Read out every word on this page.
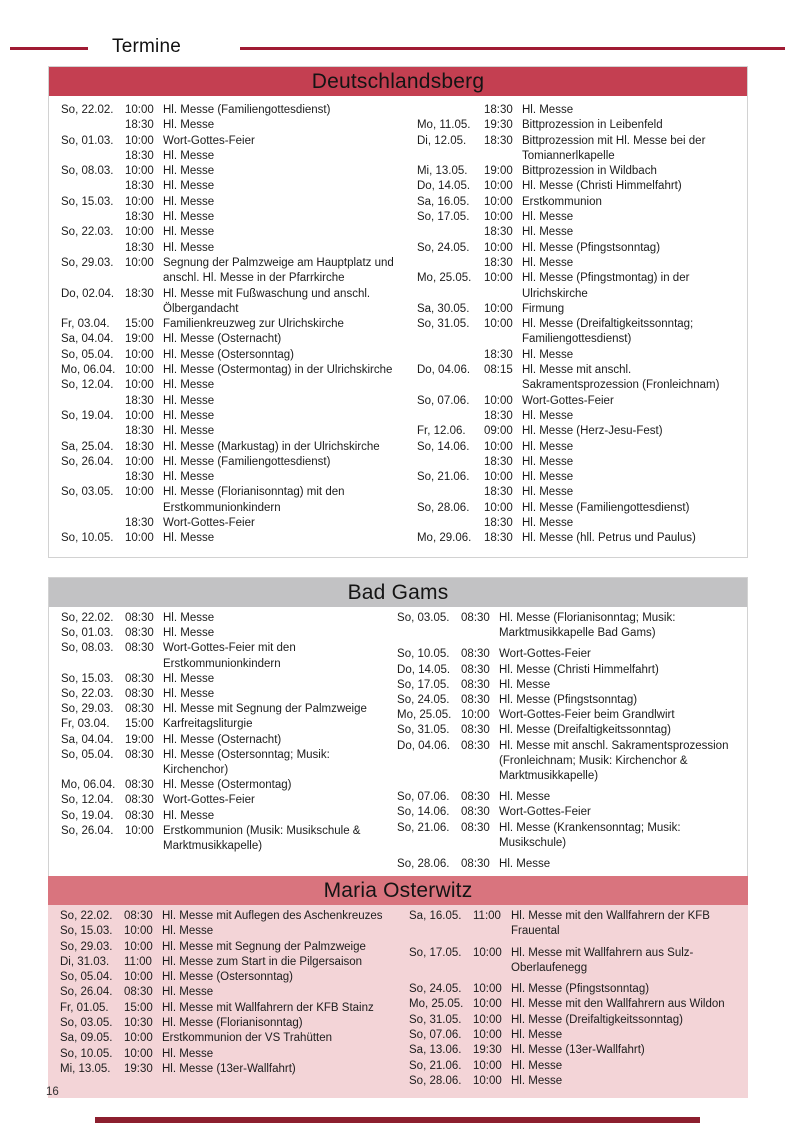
Termine
Deutschlandsberg
So, 22.02.	10:00 Hl. Messe (Familiengottesdienst)
18:30 Hl. Messe
So, 01.03.	10:00 Wort-Gottes-Feier
18:30 Hl. Messe
So, 08.03.	10:00 Hl. Messe
18:30 Hl. Messe
So, 15.03.	10:00 Hl. Messe
18:30 Hl. Messe
So, 22.03.	10:00 Hl. Messe
18:30 Hl. Messe
So, 29.03.	10:00 Segnung der Palmzweige am Hauptplatz und anschl. Hl. Messe in der Pfarrkirche
Do, 02.04. 18:30 Hl. Messe mit Fußwaschung und anschl. Ölbergandacht
Fr, 03.04.	15:00 Familienkreuzweg zur Ulrichskirche
Sa, 04.04.	19:00 Hl. Messe (Osternacht)
So, 05.04.	10:00 Hl. Messe (Ostersonntag)
Mo, 06.04. 10:00 Hl. Messe (Ostermontag) in der Ulrichskirche
So, 12.04.	10:00 Hl. Messe
18:30 Hl. Messe
So, 19.04.	10:00 Hl. Messe
18:30 Hl. Messe
Sa, 25.04.	18:30 Hl. Messe (Markustag) in der Ulrichskirche
So, 26.04.	10:00 Hl. Messe (Familiengottesdienst)
18:30 Hl. Messe
So, 03.05.	10:00 Hl. Messe (Florianisonntag) mit den Erstkommunionkindern
18:30 Wort-Gottes-Feier
So, 10.05.	10:00 Hl. Messe
18:30 Hl. Messe
Mo, 11.05.	19:30 Bittprozession in Leibenfeld
Di, 12.05.	18:30 Bittprozession mit Hl. Messe bei der Tomiannerlkapelle
Mi, 13.05.	19:00 Bittprozession in Wildbach
Do, 14.05.	10:00 Hl. Messe (Christi Himmelfahrt)
Sa, 16.05.	10:00 Erstkommunion
So, 17.05.	10:00 Hl. Messe
18:30 Hl. Messe
So, 24.05.	10:00 Hl. Messe (Pfingstsonntag)
18:30 Hl. Messe
Mo, 25.05.	10:00 Hl. Messe (Pfingstmontag) in der Ulrichskirche
Sa, 30.05.	10:00 Firmung
So, 31.05.	10:00 Hl. Messe (Dreifaltigkeitssonntag; Familiengottesdienst)
18:30 Hl. Messe
Do, 04.06.	08:15 Hl. Messe mit anschl. Sakramentsprozession (Fronleichnam)
So, 07.06.	10:00 Wort-Gottes-Feier
18:30 Hl. Messe
Fr, 12.06.	09:00 Hl. Messe (Herz-Jesu-Fest)
So, 14.06.	10:00 Hl. Messe
18:30 Hl. Messe
So, 21.06.	10:00 Hl. Messe
18:30 Hl. Messe
So, 28.06.	10:00 Hl. Messe (Familiengottesdienst)
18:30 Hl. Messe
Mo, 29.06.	18:30 Hl. Messe (hll. Petrus und Paulus)
Bad Gams
So, 22.02.	08:30 Hl. Messe
So, 01.03.	08:30 Hl. Messe
So, 08.03.	08:30 Wort-Gottes-Feier mit den Erstkommunionkindern
So, 15.03.	08:30 Hl. Messe
So, 22.03.	08:30 Hl. Messe
So, 29.03.	08:30 Hl. Messe mit Segnung der Palmzweige
Fr, 03.04.	15:00 Karfreitagsliturgie
Sa, 04.04.	19:00 Hl. Messe (Osternacht)
So, 05.04.	08:30 Hl. Messe (Ostersonntag; Musik: Kirchenchor)
Mo, 06.04. 08:30 Hl. Messe (Ostermontag)
So, 12.04.	08:30 Wort-Gottes-Feier
So, 19.04.	08:30 Hl. Messe
So, 26.04.	10:00 Erstkommunion (Musik: Musikschule & Marktmusikkapelle)
So, 03.05.	08:30 Hl. Messe (Florianisonntag; Musik: Marktmusikkapelle Bad Gams)
So, 10.05.	08:30 Wort-Gottes-Feier
Do, 14.05. 08:30 Hl. Messe (Christi Himmelfahrt)
So, 17.05.	08:30 Hl. Messe
So, 24.05.	08:30 Hl. Messe (Pfingstsonntag)
Mo, 25.05. 10:00 Wort-Gottes-Feier beim Grandlwirt
So, 31.05.	08:30 Hl. Messe (Dreifaltigkeitssonntag)
Do, 04.06. 08:30 Hl. Messe mit anschl. Sakramentsprozession (Fronleichnam; Musik: Kirchenchor & Marktmusikkapelle)
So, 07.06.	08:30 Hl. Messe
So, 14.06.	08:30 Wort-Gottes-Feier
So, 21.06.	08:30 Hl. Messe (Krankensonntag; Musik: Musikschule)
So, 28.06.	08:30 Hl. Messe
Maria Osterwitz
So, 22.02.	08:30 Hl. Messe mit Auflegen des Aschenkreuzes
So, 15.03.	10:00 Hl. Messe
So, 29.03.	10:00 Hl. Messe mit Segnung der Palmzweige
Di, 31.03.	11:00 Hl. Messe zum Start in die Pilgersaison
So, 05.04.	10:00 Hl. Messe (Ostersonntag)
So, 26.04.	08:30 Hl. Messe
Fr, 01.05.	15:00 Hl. Messe mit Wallfahrern der KFB Stainz
So, 03.05.	10:30 Hl. Messe (Florianisonntag)
Sa, 09.05.	10:00 Erstkommunion der VS Trahütten
So, 10.05.	10:00 Hl. Messe
Mi, 13.05.	19:30 Hl. Messe (13er-Wallfahrt)
Sa, 16.05.	11:00 Hl. Messe mit den Wallfahrern der KFB Frauental
So, 17.05.	10:00 Hl. Messe mit Wallfahrern aus Sulz-Oberlaufenegg
So, 24.05.	10:00 Hl. Messe (Pfingstsonntag)
Mo, 25.05. 10:00 Hl. Messe mit den Wallfahrern aus Wildon
So, 31.05.	10:00 Hl. Messe (Dreifaltigkeitssonntag)
So, 07.06.	10:00 Hl. Messe
Sa, 13.06.	19:30 Hl. Messe (13er-Wallfahrt)
So, 21.06.	10:00 Hl. Messe
So, 28.06.	10:00 Hl. Messe
16
